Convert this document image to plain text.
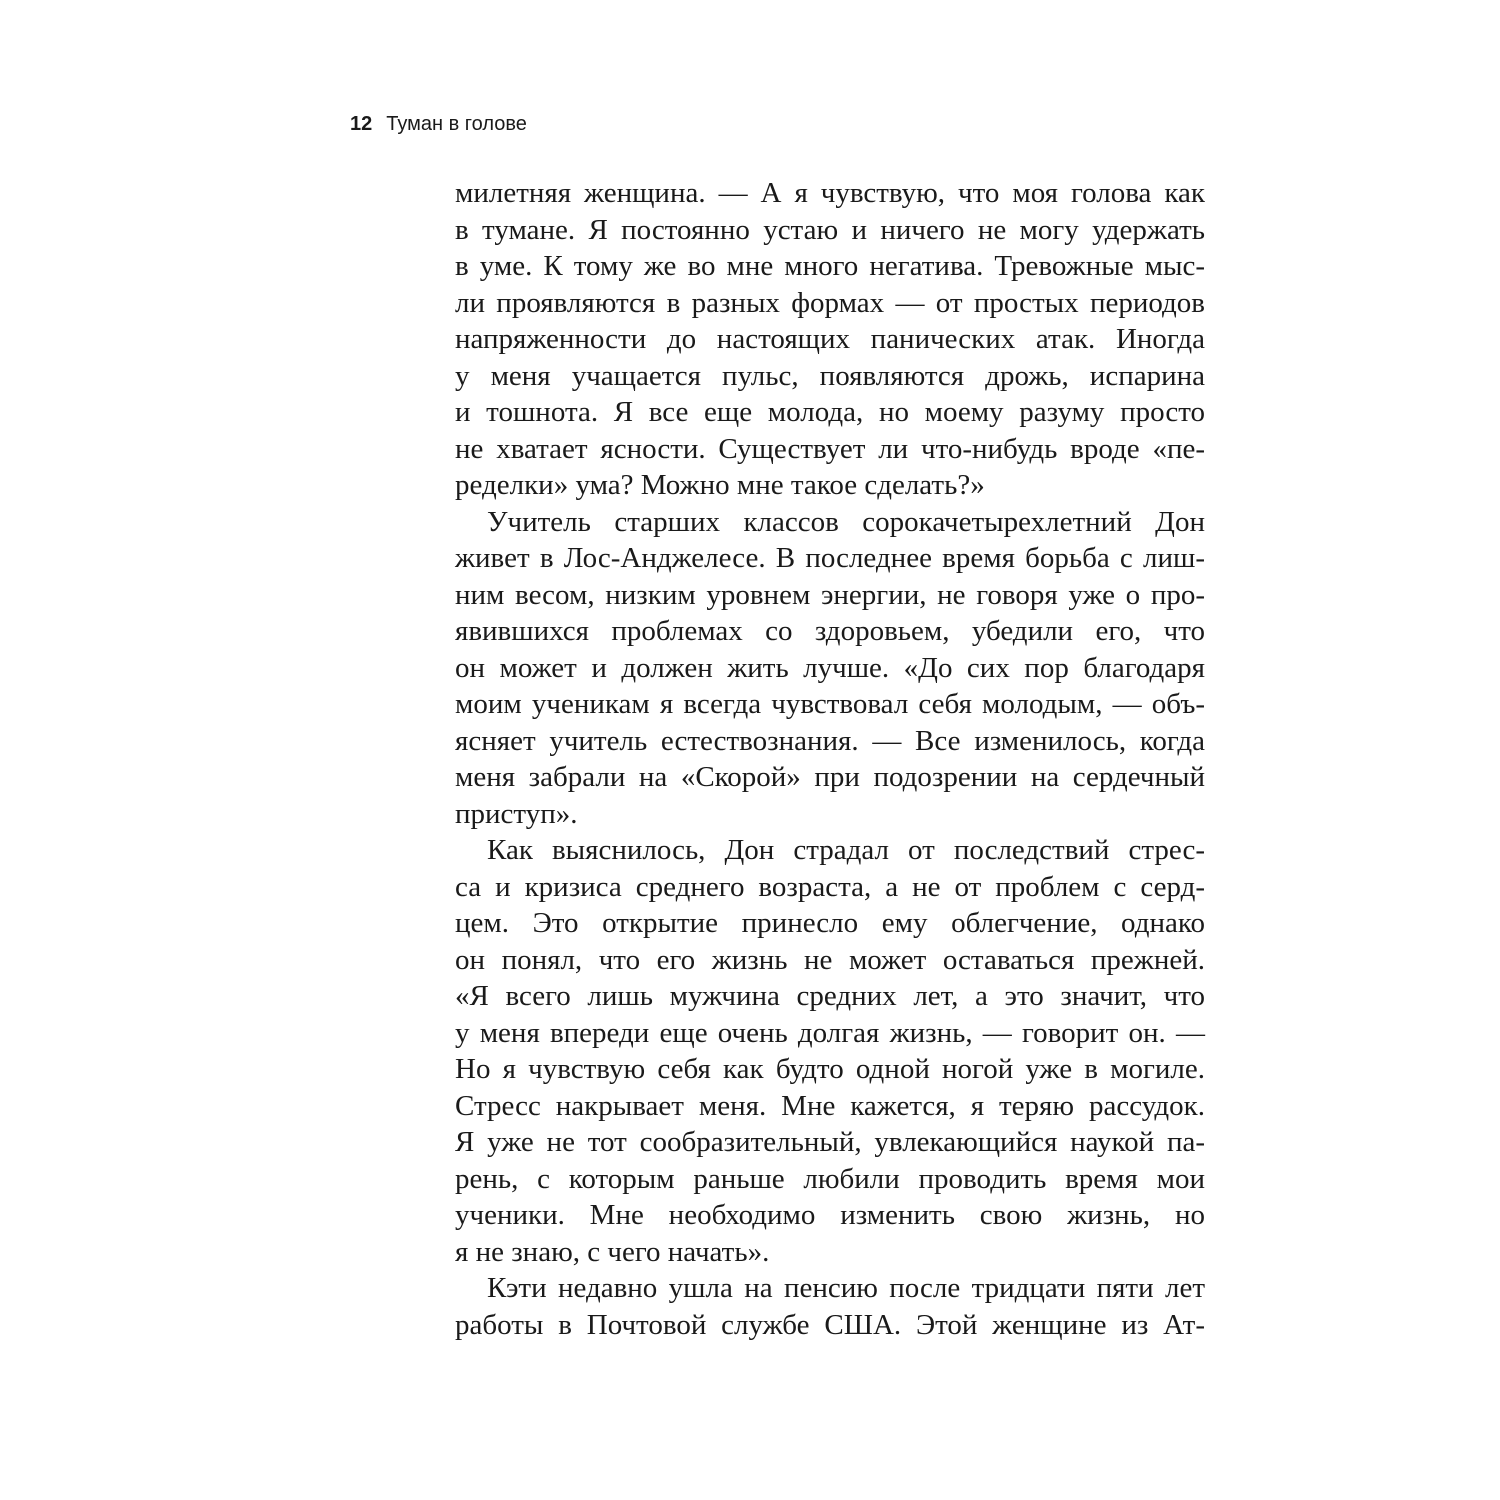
12 Туман в голове
милетняя женщина. — А я чувствую, что моя голова как
в тумане. Я постоянно устаю и ничего не могу удержать
в уме. К тому же во мне много негатива. Тревожные мыс-
ли проявляются в разных формах — от простых периодов
напряженности до настоящих панических атак. Иногда
у меня учащается пульс, появляются дрожь, испарина
и тошнота. Я все еще молода, но моему разуму просто
не хватает ясности. Существует ли что-нибудь вроде «пе-
ределки» ума? Можно мне такое сделать?»
Учитель старших классов сорокачетырехлетний Дон
живет в Лос-Анджелесе. В последнее время борьба с лиш-
ним весом, низким уровнем энергии, не говоря уже о про-
явившихся проблемах со здоровьем, убедили его, что
он может и должен жить лучше. «До сих пор благодаря
моим ученикам я всегда чувствовал себя молодым, — объ-
ясняет учитель естествознания. — Все изменилось, когда
меня забрали на «Скорой» при подозрении на сердечный
приступ».
Как выяснилось, Дон страдал от последствий стрес-
са и кризиса среднего возраста, а не от проблем с серд-
цем. Это открытие принесло ему облегчение, однако
он понял, что его жизнь не может оставаться прежней.
«Я всего лишь мужчина средних лет, а это значит, что
у меня впереди еще очень долгая жизнь, — говорит он. —
Но я чувствую себя как будто одной ногой уже в могиле.
Стресс накрывает меня. Мне кажется, я теряю рассудок.
Я уже не тот сообразительный, увлекающийся наукой па-
рень, с которым раньше любили проводить время мои
ученики. Мне необходимо изменить свою жизнь, но
я не знаю, с чего начать».
Кэти недавно ушла на пенсию после тридцати пяти лет
работы в Почтовой службе США. Этой женщине из Ат-
